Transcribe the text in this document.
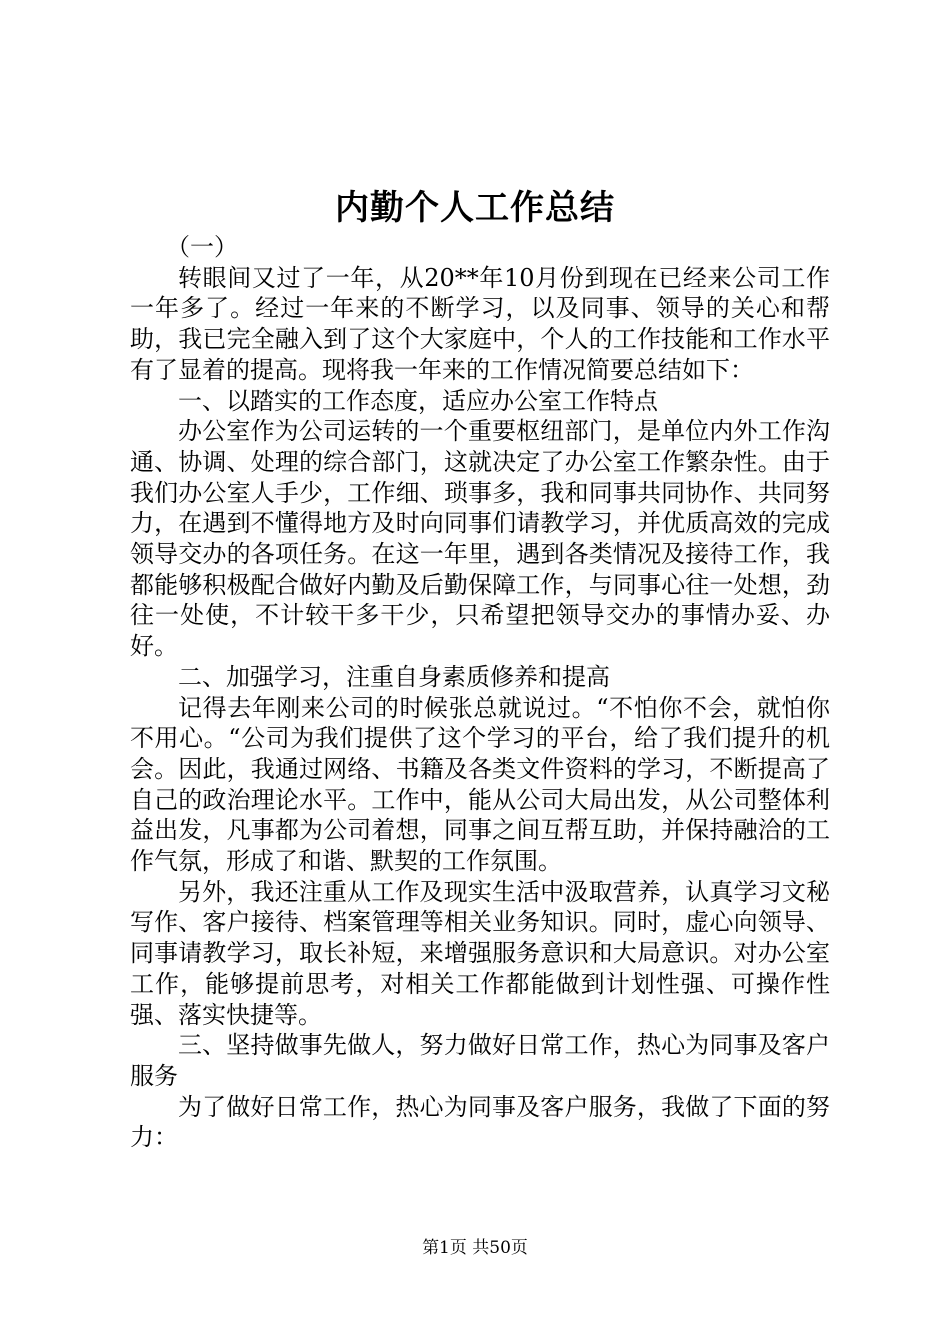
内勤个人工作总结

（一）

转眼间又过了一年，从20**年10月份到现在已经来公司工作一年多了。经过一年来的不断学习，以及同事、领导的关心和帮助，我已完全融入到了这个大家庭中，个人的工作技能和工作水平有了显着的提高。现将我一年来的工作情况简要总结如下：

一、以踏实的工作态度，适应办公室工作特点

办公室作为公司运转的一个重要枢纽部门，是单位内外工作沟通、协调、处理的综合部门，这就决定了办公室工作繁杂性。由于我们办公室人手少，工作细、琐事多，我和同事共同协作、共同努力，在遇到不懂得地方及时向同事们请教学习，并优质高效的完成领导交办的各项任务。在这一年里，遇到各类情况及接待工作，我都能够积极配合做好内勤及后勤保障工作，与同事心往一处想，劲往一处使，不计较干多干少，只希望把领导交办的事情办妥、办好。

二、加强学习，注重自身素质修养和提高

记得去年刚来公司的时候张总就说过。“不怕你不会，就怕你不用心。“公司为我们提供了这个学习的平台，给了我们提升的机会。因此，我通过网络、书籍及各类文件资料的学习，不断提高了自己的政治理论水平。工作中，能从公司大局出发，从公司整体利益出发，凡事都为公司着想，同事之间互帮互助，并保持融洽的工作气氛，形成了和谐、默契的工作氛围。

另外，我还注重从工作及现实生活中汲取营养，认真学习文秘写作、客户接待、档案管理等相关业务知识。同时，虚心向领导、同事请教学习，取长补短，来增强服务意识和大局意识。对办公室工作，能够提前思考，对相关工作都能做到计划性强、可操作性强、落实快捷等。

三、坚持做事先做人，努力做好日常工作，热心为同事及客户服务

为了做好日常工作，热心为同事及客户服务，我做了下面的努力：

第1页 共50页
